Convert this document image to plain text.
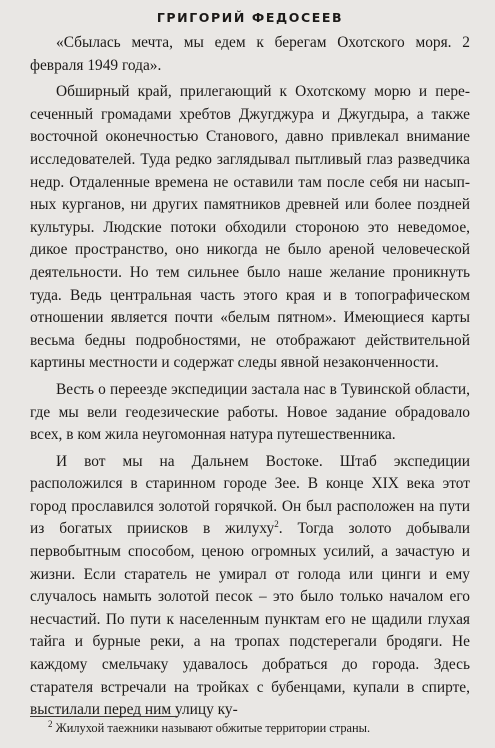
ГРИГОРИЙ ФЕДОСЕЕВ

«Сбылась мечта, мы едем к берегам Охотского моря. 2 февраля 1949 года».

Обширный край, прилегающий к Охотскому морю и пересеченный громадами хребтов Джугджура и Джугдыра, а также восточной оконечностью Станового, давно привлекал внимание исследователей. Туда редко заглядывал пытливый глаз разведчика недр. Отдаленные времена не оставили там после себя ни насыпных курганов, ни других памятников древней или более поздней культуры. Людские потоки обходили стороною это неведомое, дикое пространство, оно никогда не было ареной человеческой деятельности. Но тем сильнее было наше желание проникнуть туда. Ведь центральная часть этого края и в топографическом отношении является почти «белым пятном». Имеющиеся карты весьма бедны подробностями, не отображают действительной картины местности и содержат следы явной незаконченности.

Весть о переезде экспедиции застала нас в Тувинской области, где мы вели геодезические работы. Новое задание обрадовало всех, в ком жила неугомонная натура путешественника.

И вот мы на Дальнем Востоке. Штаб экспедиции расположился в старинном городе Зее. В конце XIX века этот город прославился золотой горячкой. Он был расположен на пути из богатых приисков в жилуху$^2$. Тогда золото добывали первобытным способом, ценою огромных усилий, а зачастую и жизни. Если старатель не умирал от голода или цинги и ему случалось намыть золотой песок – это было только началом его несчастий. По пути к населенным пунктам его не щадили глухая тайга и бурные реки, а на тропах подстерегали бродяги. Не каждому смельчаку удавалось добраться до города. Здесь старателя встречали на тройках с бубенцами, купали в спирте, выстилали перед ним улицу ку-

$^2$ Жилухой таежники называют обжитые территории страны.
